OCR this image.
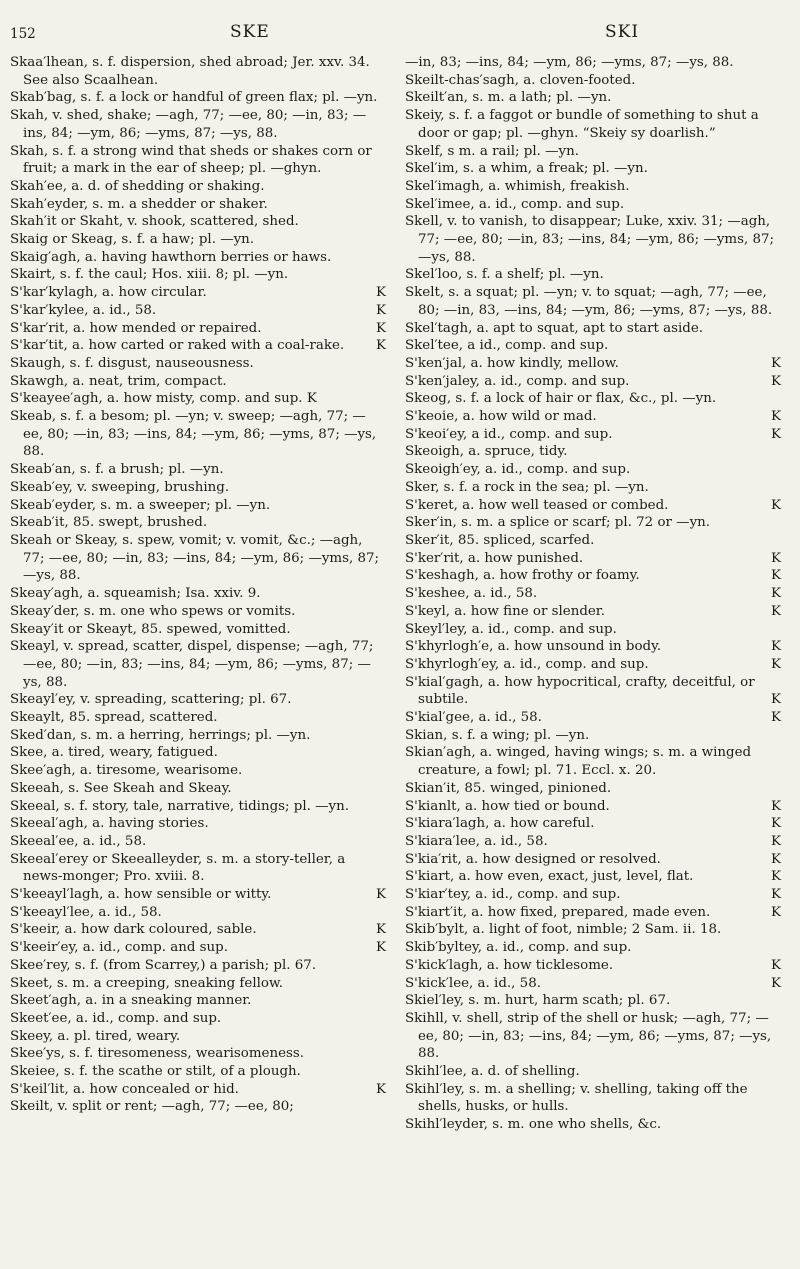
152	SKE	SKI
Skaa′lhean, s. f. dispersion, shed abroad; Jer. xxv. 34. See also Scaalhean.
Skab′bag, s. f. a lock or handful of green flax; pl. —yn.
Skah, v. shed, shake; —agh, 77; —ee, 80; —in, 83; —ins, 84; —ym, 86; —yms, 87; —ys, 88.
Skah, s. f. a strong wind that sheds or shakes corn or fruit; a mark in the ear of sheep; pl. —ghyn.
Skah′ee, a. d. of shedding or shaking.
Skah′eyder, s. m. a shedder or shaker.
Skah′it or Skaht, v. shook, scattered, shed.
Skaig or Skeag, s. f. a haw; pl. —yn.
Skaig′agh, a. having hawthorn berries or haws.
Skairt, s. f. the caul; Hos. xiii. 8; pl. —yn.
S'kar′kylagh, a. how circular.	K
S'kar′kylee, a. id., 58.	K
S'kar′rit, a. how mended or repaired.	K
S'kar′tit, a. how carted or raked with a coal-rake. K
Skaugh, s. f. disgust, nauseousness.
Skawgh, a. neat, trim, compact.
S'keayee′agh, a. how misty, comp. and sup. K
Skeab, s. f. a besom; pl. —yn; v. sweep; —agh, 77; —ee, 80; —in, 83; —ins, 84; —ym, 86; —yms, 87; —ys, 88.
Skeab′an, s. f. a brush; pl. —yn.
Skeab′ey, v. sweeping, brushing.
Skeab′eyder, s. m. a sweeper; pl. —yn.
Skeab′it, 85. swept, brushed.
Skeah or Skeay, s. spew, vomit; v. vomit, &c.; —agh, 77; —ee, 80; —in, 83; —ins, 84; —ym, 86; —yms, 87; —ys, 88.
Skeay′agh, a. squeamish; Isa. xxiv. 9.
Skeay′der, s. m. one who spews or vomits.
Skeay′it or Skeayt, 85. spewed, vomitted.
Skeayl, v. spread, scatter, dispel, dispense; —agh, 77; —ee, 80; —in, 83; —ins, 84; —ym, 86; —yms, 87; —ys, 88.
Skeayl′ey, v. spreading, scattering; pl. 67.
Skeaylt, 85. spread, scattered.
Sked′dan, s. m. a herring, herrings; pl. —yn.
Skee, a. tired, weary, fatigued.
Skee′agh, a. tiresome, wearisome.
Skeeah, s. See Skeah and Skeay.
Skeeal, s. f. story, tale, narrative, tidings; pl. —yn.
Skeeal′agh, a. having stories.
Skeeal′ee, a. id., 58.
Skeeal′erey or Skeealleyder, s. m. a story-teller, a news-monger; Pro. xviii. 8.
S'keeayl′lagh, a. how sensible or witty.	K
S'keeayl′lee, a. id., 58.
S'keeir, a. how dark coloured, sable.	K
S'keeir′ey, a. id., comp. and sup.	K
Skee′rey, s. f. (from Scarrey,) a parish; pl. 67.
Skeet, s. m. a creeping, sneaking fellow.
Skeet′agh, a. in a sneaking manner.
Skeet′ee, a. id., comp. and sup.
Skeey, a. pl. tired, weary.
Skee′ys, s. f. tiresomeness, wearisomeness.
Skeiee, s. f. the scathe or stilt, of a plough.
S'keil′lit, a. how concealed or hid.	K
Skeilt, v. split or rent; —agh, 77; —ee, 80;
—in, 83; —ins, 84; —ym, 86; —yms, 87; —ys, 88.
Skeilt-chas′sagh, a. cloven-footed.
Skeilt′an, s. m. a lath; pl. —yn.
Skeiy, s. f. a faggot or bundle of something to shut a door or gap; pl. —ghyn. “Skeiy sy doarlish.”
Skelf, s m. a rail; pl. —yn.
Skel′im, s. a whim, a freak; pl. —yn.
Skel′imagh, a. whimish, freakish.
Skel′imee, a. id., comp. and sup.
Skell, v. to vanish, to disappear; Luke, xxiv. 31; —agh, 77; —ee, 80; —in, 83; —ins, 84; —ym, 86; —yms, 87; —ys, 88.
Skel′loo, s. f. a shelf; pl. —yn.
Skelt, s. a squat; pl. —yn; v. to squat; —agh, 77; —ee, 80; —in, 83, —ins, 84; —ym, 86; —yms, 87; —ys, 88.
Skel′tagh, a. apt to squat, apt to start aside.
Skel′tee, a id., comp. and sup.
S'ken′jal, a. how kindly, mellow.	K
S'ken′jaley, a. id., comp. and sup.	K
Skeog, s. f. a lock of hair or flax, &c., pl. —yn.
S'keoie, a. how wild or mad.	K
S'keoi′ey, a id., comp. and sup.	K
Skeoigh, a. spruce, tidy.
Skeoigh′ey, a. id., comp. and sup.
Sker, s. f. a rock in the sea; pl. —yn.
S'keret, a. how well teased or combed.	K
Sker′in, s. m. a splice or scarf; pl. 72 or —yn.
Sker′it, 85. spliced, scarfed.
S'ker′rit, a. how punished.	K
S'keshagh, a. how frothy or foamy.	K
S'keshee, a. id., 58.	K
S'keyl, a. how fine or slender.	K
Skeyl′ley, a. id., comp. and sup.
S'khyrlogh′e, a. how unsound in body.	K
S'khyrlogh′ey, a. id., comp. and sup.	K
S'kial′gagh, a. how hypocritical, crafty, deceitful, or subtile.	K
S'kial′gee, a. id., 58.	K
Skian, s. f. a wing; pl. —yn.
Skian′agh, a. winged, having wings; s. m. a winged creature, a fowl; pl. 71. Eccl. x. 20.
Skian′it, 85. winged, pinioned.
S'kianlt, a. how tied or bound.	K
S'kiara′lagh, a. how careful.	K
S'kiara′lee, a. id., 58.	K
S'kia′rit, a. how designed or resolved.	K
S'kiart, a. how even, exact, just, level, flat.	K
S'kiar′tey, a. id., comp. and sup.	K
S'kiart′it, a. how fixed, prepared, made even.	K
Skib′bylt, a. light of foot, nimble; 2 Sam. ii. 18.
Skib′byltey, a. id., comp. and sup.
S'kick′lagh, a. how ticklesome.	K
S'kick′lee, a. id., 58.	K
Skiel′ley, s. m. hurt, harm scath; pl. 67.
Skihll, v. shell, strip of the shell or husk; —agh, 77; —ee, 80; —in, 83; —ins, 84; —ym, 86; —yms, 87; —ys, 88.
Skihl′lee, a. d. of shelling.
Skihl′ley, s. m. a shelling; v. shelling, taking off the shells, husks, or hulls.
Skihl′leyder, s. m. one who shells, &c.
